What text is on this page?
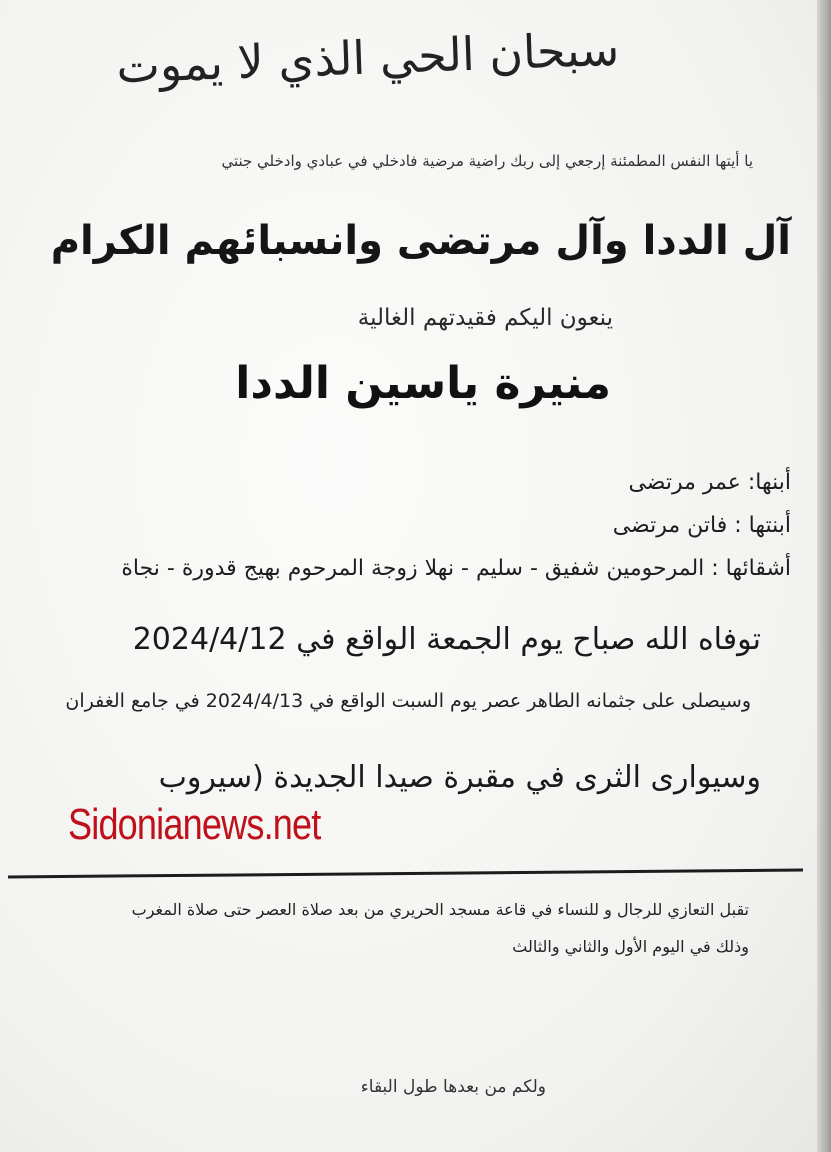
سبحان الحي الذي لا يموت
يا أيتها النفس المطمئنة إرجعي إلى ربك راضية مرضية فادخلي في عبادي وادخلي جنتي
آل الددا وآل مرتضى وانسبائهم الكرام
ينعون اليكم فقيدتهم الغالية
منيرة ياسين الددا
أبنها: عمر مرتضى
أبنتها : فاتن مرتضى
أشقائها : المرحومين شفيق - سليم - نهلا زوجة المرحوم بهيج قدورة - نجاة
توفاه الله صباح يوم الجمعة الواقع في 2024/4/12
وسيصلى على جثمانه الطاهر عصر يوم السبت الواقع في 2024/4/13 في جامع الغفران
وسيوارى الثرى في مقبرة صيدا الجديدة (سيروب
Sidonianews.net
تقبل التعازي للرجال و للنساء في قاعة مسجد الحريري من بعد صلاة العصر حتى صلاة المغرب
وذلك في اليوم الأول والثاني والثالث
ولكم من بعدها طول البقاء
